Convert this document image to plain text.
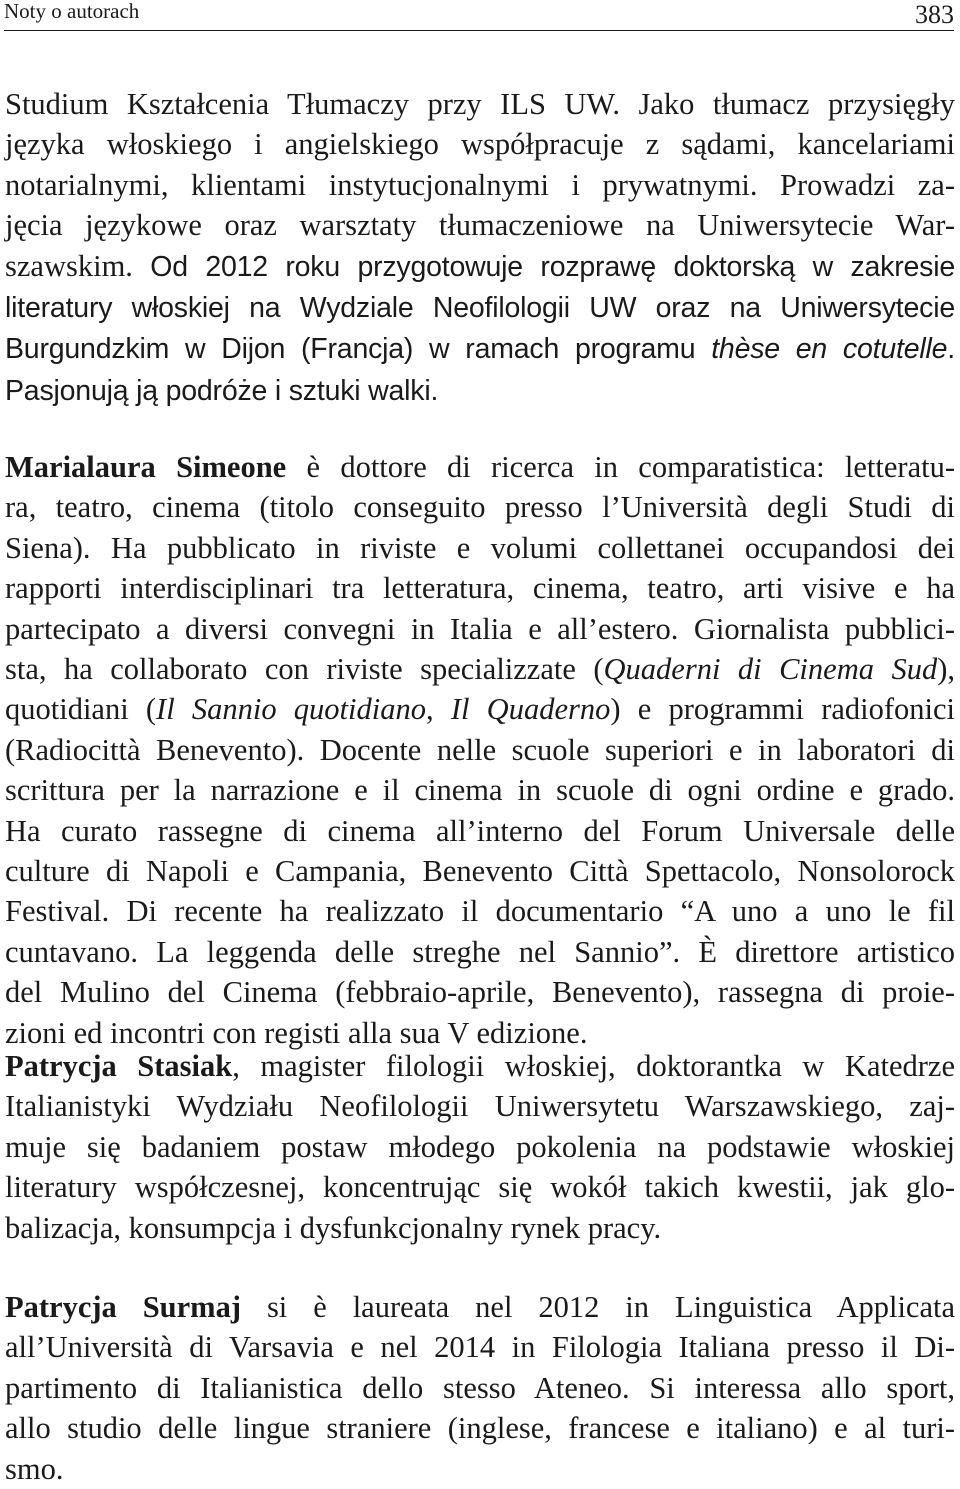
Noty o autorach	383
Studium Kształcenia Tłumaczy przy ILS UW. Jako tłumacz przysięgły
języka włoskiego i angielskiego współpracuje z sądami, kancelariami
notarialnymi, klientami instytucjonalnymi i prywatnymi. Prowadzi za-
jęcia językowe oraz warsztaty tłumaczeniowe na Uniwersytecie War-
szawskim. Od 2012 roku przygotowuje rozprawę doktorską w zakresie
literatury włoskiej na Wydziale Neofilologii UW oraz na Uniwersytecie
Burgundzkim w Dijon (Francja) w ramach programu thèse en cotutelle.
Pasjonują ją podróże i sztuki walki.
Marialaura Simeone è dottore di ricerca in comparatistica: letteratu-
ra, teatro, cinema (titolo conseguito presso l’Università degli Studi di
Siena). Ha pubblicato in riviste e volumi collettanei occupandosi dei
rapporti interdisciplinari tra letteratura, cinema, teatro, arti visive e ha
partecipato a diversi convegni in Italia e all’estero. Giornalista pubblici-
sta, ha collaborato con riviste specializzate (Quaderni di Cinema Sud),
quotidiani (Il Sannio quotidiano, Il Quaderno) e programmi radiofonici
(Radiocittà Benevento). Docente nelle scuole superiori e in laboratori di
scrittura per la narrazione e il cinema in scuole di ogni ordine e grado.
Ha curato rassegne di cinema all’interno del Forum Universale delle
culture di Napoli e Campania, Benevento Città Spettacolo, Nonsolorock
Festival. Di recente ha realizzato il documentario “A uno a uno le fil
cuntavano. La leggenda delle streghe nel Sannio”. È direttore artistico
del Mulino del Cinema (febbraio-aprile, Benevento), rassegna di proie-
zioni ed incontri con registi alla sua V edizione.
Patrycja Stasiak, magister filologii włoskiej, doktorantka w Katedrze
Italianistyki Wydziału Neofilologii Uniwersytetu Warszawskiego, zaj-
muje się badaniem postaw młodego pokolenia na podstawie włoskiej
literatury współczesnej, koncentrując się wokół takich kwestii, jak glo-
balizacja, konsumpcja i dysfunkcjonalny rynek pracy.
Patrycja Surmaj si è laureata nel 2012 in Linguistica Applicata
all’Università di Varsavia e nel 2014 in Filologia Italiana presso il Di-
partimento di Italianistica dello stesso Ateneo. Si interessa allo sport,
allo studio delle lingue straniere (inglese, francese e italiano) e al turi-
smo.
